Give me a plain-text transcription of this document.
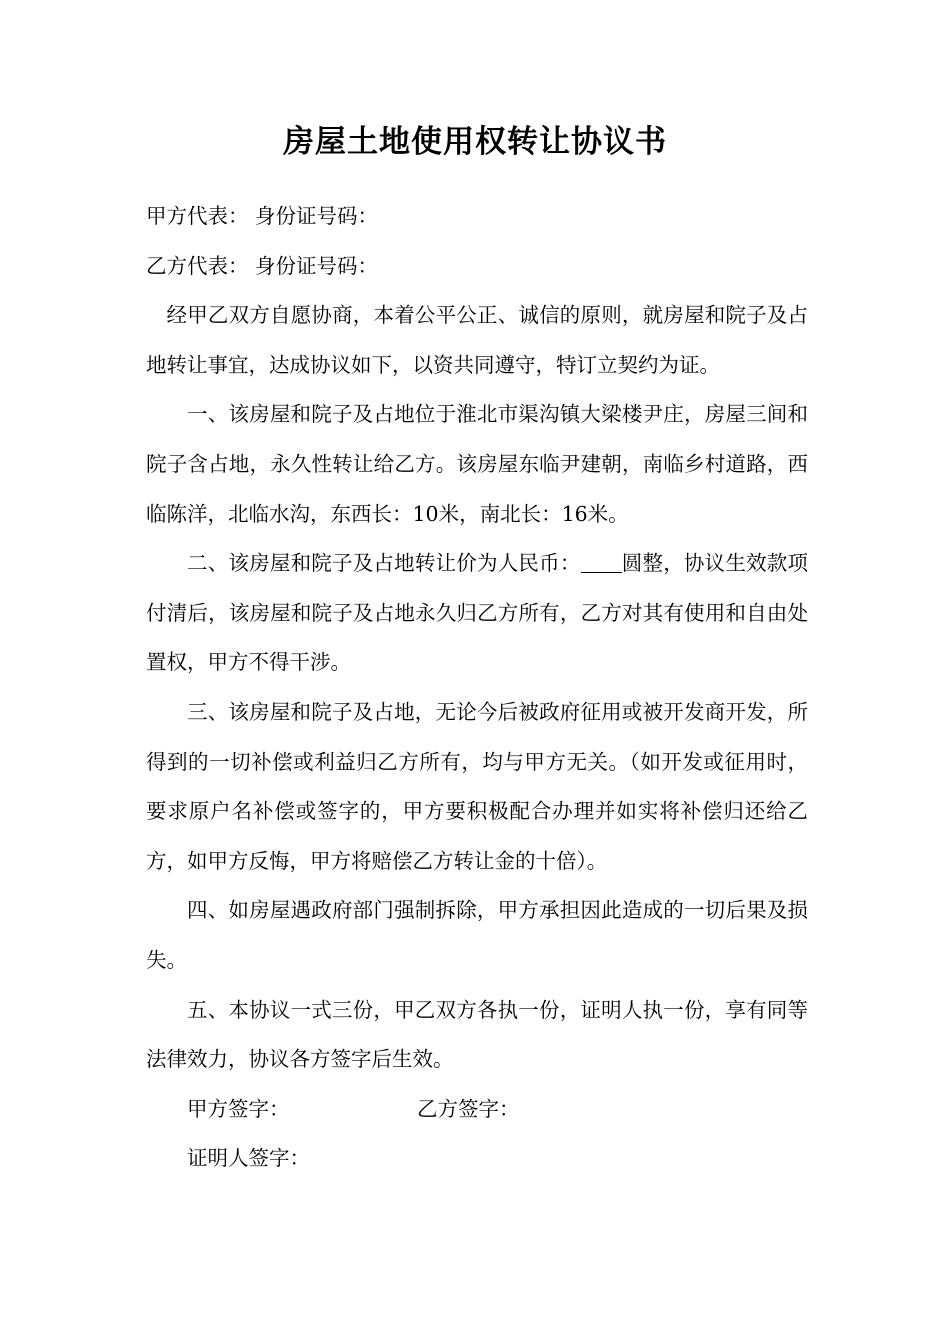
房屋土地使用权转让协议书

甲方代表： 身份证号码：

乙方代表： 身份证号码：

经甲乙双方自愿协商，本着公平公正、诚信的原则，就房屋和院子及占地转让事宜，达成协议如下，以资共同遵守，特订立契约为证。

一、该房屋和院子及占地位于淮北市渠沟镇大梁楼尹庄，房屋三间和院子含占地，永久性转让给乙方。该房屋东临尹建朝，南临乡村道路，西临陈洋，北临水沟，东西长：10米，南北长：16米。

二、该房屋和院子及占地转让价为人民币： 圆整，协议生效款项付清后，该房屋和院子及占地永久归乙方所有，乙方对其有使用和自由处置权，甲方不得干涉。

三、该房屋和院子及占地，无论今后被政府征用或被开发商开发，所得到的一切补偿或利益归乙方所有，均与甲方无关。（如开发或征用时，要求原户名补偿或签字的，甲方要积极配合办理并如实将补偿归还给乙方，如甲方反悔，甲方将赔偿乙方转让金的十倍）。

四、如房屋遇政府部门强制拆除，甲方承担因此造成的一切后果及损失。

五、本协议一式三份，甲乙双方各执一份，证明人执一份，享有同等法律效力，协议各方签字后生效。

甲方签字：	乙方签字：

证明人签字：
